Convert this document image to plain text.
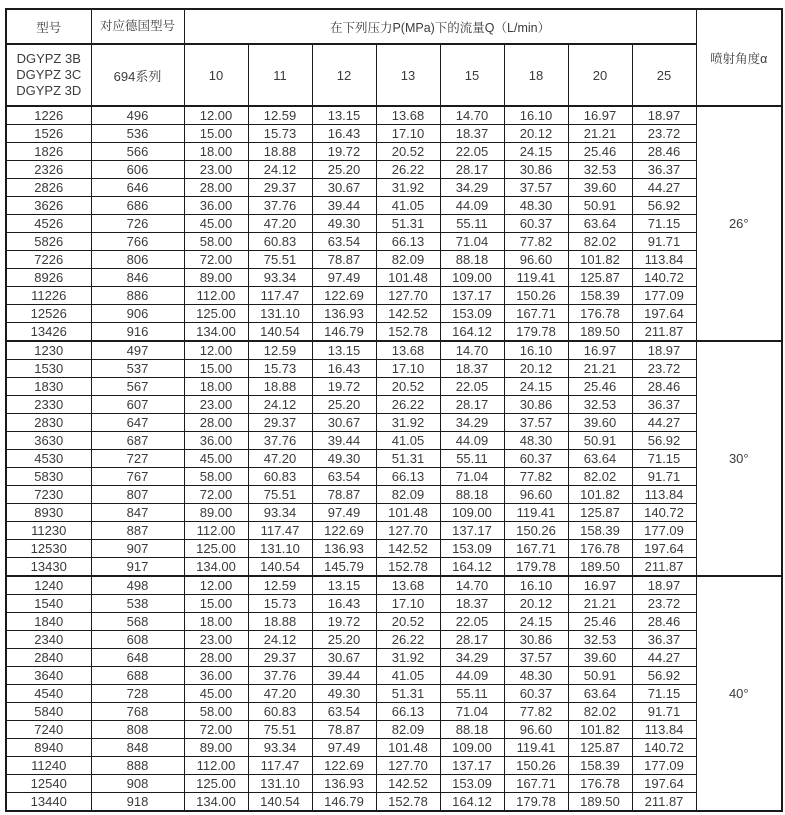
型号	对应德国型号	在下列压力P(MPa)下的流量Q（L/min）								喷射角度α

DGYPZ 3B
DGYPZ 3C
DGYPZ 3D	694系列	10	11	12	13	15	18	20	25	
1226	496	12.00	12.59	13.15	13.68	14.70	16.10	16.97	18.97	26°
1526	536	15.00	15.73	16.43	17.10	18.37	20.12	21.21	23.72	
1826	566	18.00	18.88	19.72	20.52	22.05	24.15	25.46	28.46	
2326	606	23.00	24.12	25.20	26.22	28.17	30.86	32.53	36.37	
2826	646	28.00	29.37	30.67	31.92	34.29	37.57	39.60	44.27	
3626	686	36.00	37.76	39.44	41.05	44.09	48.30	50.91	56.92	
4526	726	45.00	47.20	49.30	51.31	55.11	60.37	63.64	71.15	
5826	766	58.00	60.83	63.54	66.13	71.04	77.82	82.02	91.71	
7226	806	72.00	75.51	78.87	82.09	88.18	96.60	101.82	113.84	
8926	846	89.00	93.34	97.49	101.48	109.00	119.41	125.87	140.72	
11226	886	112.00	117.47	122.69	127.70	137.17	150.26	158.39	177.09	
12526	906	125.00	131.10	136.93	142.52	153.09	167.71	176.78	197.64	
13426	916	134.00	140.54	146.79	152.78	164.12	179.78	189.50	211.87	
1230	497	12.00	12.59	13.15	13.68	14.70	16.10	16.97	18.97	30°
1530	537	15.00	15.73	16.43	17.10	18.37	20.12	21.21	23.72	
1830	567	18.00	18.88	19.72	20.52	22.05	24.15	25.46	28.46	
2330	607	23.00	24.12	25.20	26.22	28.17	30.86	32.53	36.37	
2830	647	28.00	29.37	30.67	31.92	34.29	37.57	39.60	44.27	
3630	687	36.00	37.76	39.44	41.05	44.09	48.30	50.91	56.92	
4530	727	45.00	47.20	49.30	51.31	55.11	60.37	63.64	71.15	
5830	767	58.00	60.83	63.54	66.13	71.04	77.82	82.02	91.71	
7230	807	72.00	75.51	78.87	82.09	88.18	96.60	101.82	113.84	
8930	847	89.00	93.34	97.49	101.48	109.00	119.41	125.87	140.72	
11230	887	112.00	117.47	122.69	127.70	137.17	150.26	158.39	177.09	
12530	907	125.00	131.10	136.93	142.52	153.09	167.71	176.78	197.64	
13430	917	134.00	140.54	145.79	152.78	164.12	179.78	189.50	211.87	
1240	498	12.00	12.59	13.15	13.68	14.70	16.10	16.97	18.97	40°
1540	538	15.00	15.73	16.43	17.10	18.37	20.12	21.21	23.72	
1840	568	18.00	18.88	19.72	20.52	22.05	24.15	25.46	28.46	
2340	608	23.00	24.12	25.20	26.22	28.17	30.86	32.53	36.37	
2840	648	28.00	29.37	30.67	31.92	34.29	37.57	39.60	44.27	
3640	688	36.00	37.76	39.44	41.05	44.09	48.30	50.91	56.92	
4540	728	45.00	47.20	49.30	51.31	55.11	60.37	63.64	71.15	
5840	768	58.00	60.83	63.54	66.13	71.04	77.82	82.02	91.71	
7240	808	72.00	75.51	78.87	82.09	88.18	96.60	101.82	113.84	
8940	848	89.00	93.34	97.49	101.48	109.00	119.41	125.87	140.72	
11240	888	112.00	117.47	122.69	127.70	137.17	150.26	158.39	177.09	
12540	908	125.00	131.10	136.93	142.52	153.09	167.71	176.78	197.64	
13440	918	134.00	140.54	146.79	152.78	164.12	179.78	189.50	211.87	
